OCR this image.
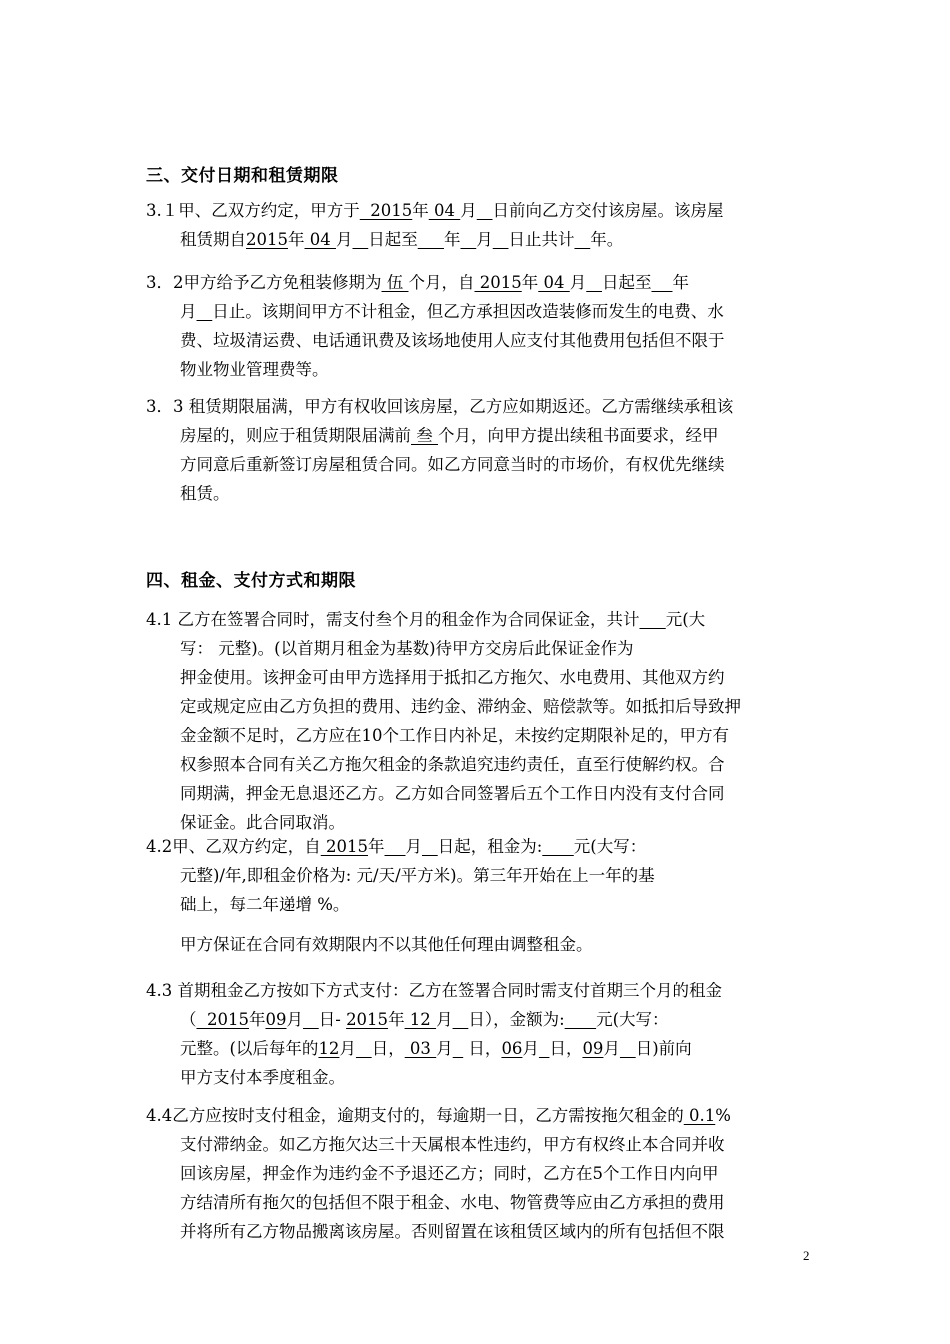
三、交付日期和租赁期限
3.１甲、乙双方约定，甲方于  2015年 04 月 日前向乙方交付该房屋。该房屋
租赁期自2015年 04 月 日起至 年 月 日止共计 年。
3．2甲方给予乙方免租装修期为 伍 个月，自 2015年 04 月 日起至 年
月 日止。该期间甲方不计租金，但乙方承担因改造装修而发生的电费、水
费、垃圾清运费、电话通讯费及该场地使用人应支付其他费用包括但不限于
物业物业管理费等。
3．3 租赁期限届满，甲方有权收回该房屋，乙方应如期返还。乙方需继续承租该
房屋的，则应于租赁期限届满前 叁 个月，向甲方提出续租书面要求，经甲
方同意后重新签订房屋租赁合同。如乙方同意当时的市场价，有权优先继续
租赁。
四、租金、支付方式和期限
4.1 乙方在签署合同时，需支付叁个月的租金作为合同保证金，共计 元(大
写： 元整)。(以首期月租金为基数)待甲方交房后此保证金作为
押金使用。该押金可由甲方选择用于抵扣乙方拖欠、水电费用、其他双方约
定或规定应由乙方负担的费用、违约金、滞纳金、赔偿款等。如抵扣后导致押
金金额不足时，乙方应在10个工作日内补足，未按约定期限补足的，甲方有
权参照本合同有关乙方拖欠租金的条款追究违约责任，直至行使解约权。合
同期满，押金无息退还乙方。乙方如合同签署后五个工作日内没有支付合同
保证金。此合同取消。
4.2甲、乙双方约定，自 2015年 月 日起，租金为: 元(大写：
元整)/年,即租金价格为: 元/天/平方米)。第三年开始在上一年的基
础上，每二年递增 %。
甲方保证在合同有效期限内不以其他任何理由调整租金。
4.3 首期租金乙方按如下方式支付：乙方在签署合同时需支付首期三个月的租金
（  2015年09月 日- 2015年 12 月 日），金额为: 元(大写：
元整。(以后每年的12月 日， 03 月   日，06月 日，09月 日)前向
甲方支付本季度租金。
4.4乙方应按时支付租金，逾期支付的，每逾期一日，乙方需按拖欠租金的 0.1%
支付滞纳金。如乙方拖欠达三十天属根本性违约，甲方有权终止本合同并收
回该房屋，押金作为违约金不予退还乙方；同时，乙方在5个工作日内向甲
方结清所有拖欠的包括但不限于租金、水电、物管费等应由乙方承担的费用
并将所有乙方物品搬离该房屋。否则留置在该租赁区域内的所有包括但不限
2
